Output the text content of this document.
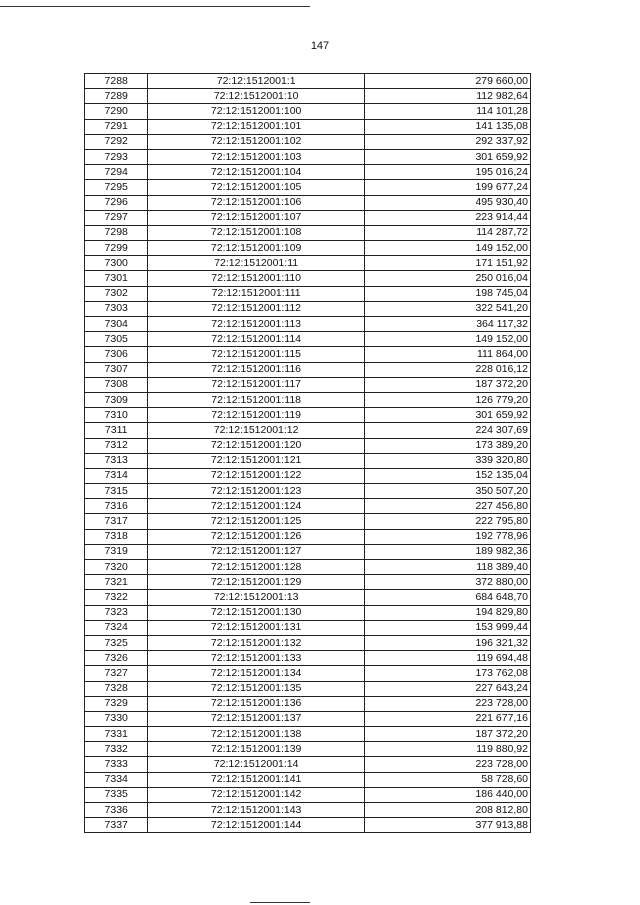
147
7288	72:12:1512001:1	279 660,00
7289	72:12:1512001:10	112 982,64
7290	72:12:1512001:100	114 101,28
7291	72:12:1512001:101	141 135,08
7292	72:12:1512001:102	292 337,92
7293	72:12:1512001:103	301 659,92
7294	72:12:1512001:104	195 016,24
7295	72:12:1512001:105	199 677,24
7296	72:12:1512001:106	495 930,40
7297	72:12:1512001:107	223 914,44
7298	72:12:1512001:108	114 287,72
7299	72:12:1512001:109	149 152,00
7300	72:12:1512001:11	171 151,92
7301	72:12:1512001:110	250 016,04
7302	72:12:1512001:111	198 745,04
7303	72:12:1512001:112	322 541,20
7304	72:12:1512001:113	364 117,32
7305	72:12:1512001:114	149 152,00
7306	72:12:1512001:115	111 864,00
7307	72:12:1512001:116	228 016,12
7308	72:12:1512001:117	187 372,20
7309	72:12:1512001:118	126 779,20
7310	72:12:1512001:119	301 659,92
7311	72:12:1512001:12	224 307,69
7312	72:12:1512001:120	173 389,20
7313	72:12:1512001:121	339 320,80
7314	72:12:1512001:122	152 135,04
7315	72:12:1512001:123	350 507,20
7316	72:12:1512001:124	227 456,80
7317	72:12:1512001:125	222 795,80
7318	72:12:1512001:126	192 778,96
7319	72:12:1512001:127	189 982,36
7320	72:12:1512001:128	118 389,40
7321	72:12:1512001:129	372 880,00
7322	72:12:1512001:13	684 648,70
7323	72:12:1512001:130	194 829,80
7324	72:12:1512001:131	153 999,44
7325	72:12:1512001:132	196 321,32
7326	72:12:1512001:133	119 694,48
7327	72:12:1512001:134	173 762,08
7328	72:12:1512001:135	227 643,24
7329	72:12:1512001:136	223 728,00
7330	72:12:1512001:137	221 677,16
7331	72:12:1512001:138	187 372,20
7332	72:12:1512001:139	119 880,92
7333	72:12:1512001:14	223 728,00
7334	72:12:1512001:141	58 728,60
7335	72:12:1512001:142	186 440,00
7336	72:12:1512001:143	208 812,80
7337	72:12:1512001:144	377 913,88
